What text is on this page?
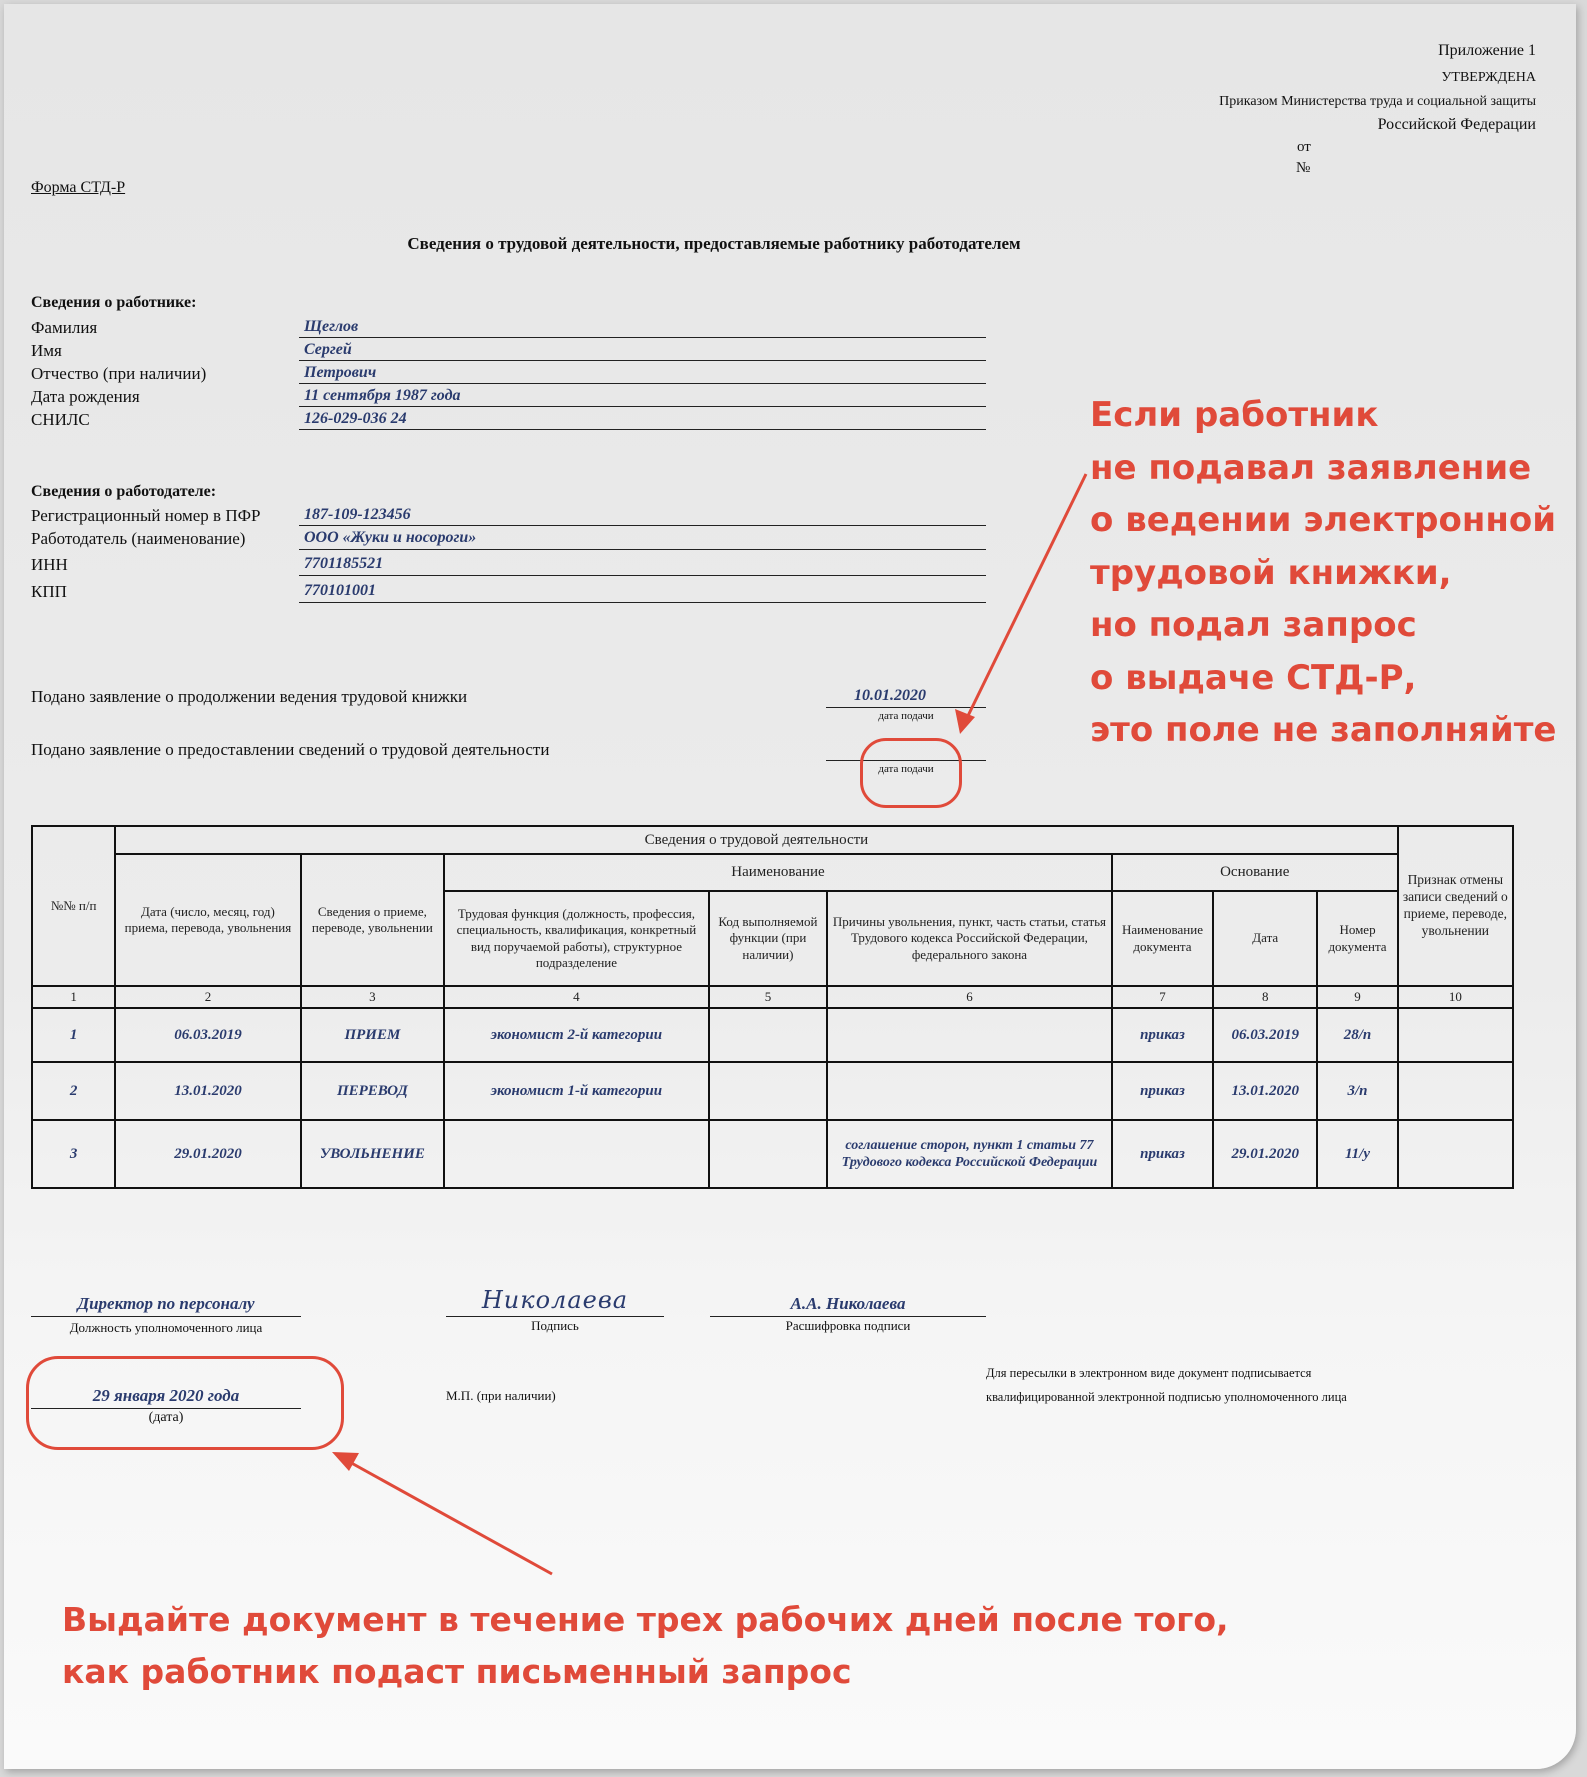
Приложение 1
УТВЕРЖДЕНА
Приказом Министерства труда и социальной защиты
Российской Федерации
от
№
Форма СТД-Р
Сведения о трудовой деятельности, предоставляемые работнику работодателем
Сведения о работнике:
Фамилия	Щеглов
Имя	Сергей
Отчество (при наличии)	Петрович
Дата рождения	11 сентября 1987 года
СНИЛС	126-029-036 24
Сведения о работодателе:
Регистрационный номер в ПФР	187-109-123456
Работодатель (наименование)	ООО «Жуки и носороги»
ИНН	7701185521
КПП	770101001
Подано заявление о продолжении ведения трудовой книжки	10.01.2020
дата подачи
Подано заявление о предоставлении сведений о трудовой деятельности
дата подачи
Если работник
не подавал заявление
о ведении электронной
трудовой книжки,
но подал запрос
о выдаче СТД-Р,
это поле не заполняйте
№№ п/п	Сведения о трудовой деятельности								Признак отмены записи сведений о приеме, переводе, увольнении
	Дата (число, месяц, год) приема, перевода, увольнения	Сведения о приеме, переводе, увольнении	Наименование			Основание			
			Трудовая функция (должность, профессия, специальность, квалификация, конкретный вид поручаемой работы), структурное подразделение	Код выполняемой функции (при наличии)	Причины увольнения, пункт, часть статьи, статья Трудового кодекса Российской Федерации, федерального закона	Наименование документа	Дата	Номер документа	
1	2	3	4	5	6	7	8	9	10
1	06.03.2019	ПРИЕМ	экономист 2-й категории			приказ	06.03.2019	28/п	
2	13.01.2020	ПЕРЕВОД	экономист 1-й категории			приказ	13.01.2020	3/п	
3	29.01.2020	УВОЛЬНЕНИЕ			соглашение сторон, пункт 1 статьи 77 Трудового кодекса Российской Федерации	приказ	29.01.2020	11/у	
Директор по персоналу
Должность уполномоченного лица
Николаева
Подпись
А.А. Николаева
Расшифровка подписи
29 января 2020 года
(дата)
М.П. (при наличии)
Для пересылки в электронном виде документ подписывается
квалифицированной электронной подписью уполномоченного лица
Выдайте документ в течение трех рабочих дней после того,
как работник подаст письменный запрос
